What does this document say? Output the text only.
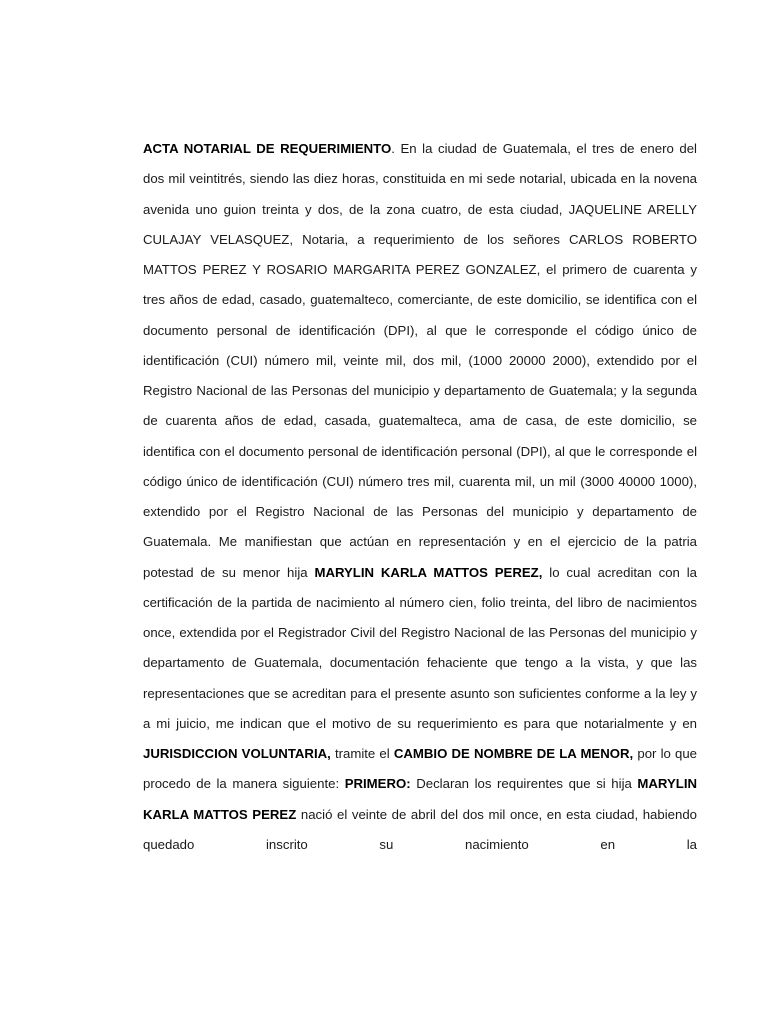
ACTA NOTARIAL DE REQUERIMIENTO. En la ciudad de Guatemala, el tres de enero del dos mil veintitrés, siendo las diez horas, constituida en mi sede notarial, ubicada en la novena avenida uno guion treinta y dos, de la zona cuatro, de esta ciudad, JAQUELINE ARELLY CULAJAY VELASQUEZ, Notaria, a requerimiento de los señores CARLOS ROBERTO MATTOS PEREZ Y ROSARIO MARGARITA PEREZ GONZALEZ, el primero de cuarenta y tres años de edad, casado, guatemalteco, comerciante, de este domicilio, se identifica con el documento personal de identificación (DPI), al que le corresponde el código único de identificación (CUI) número mil, veinte mil, dos mil, (1000 20000 2000), extendido por el Registro Nacional de las Personas del municipio y departamento de Guatemala; y la segunda de cuarenta años de edad, casada, guatemalteca, ama de casa, de este domicilio, se identifica con el documento personal de identificación personal (DPI), al que le corresponde el código único de identificación (CUI) número tres mil, cuarenta mil, un mil (3000 40000 1000), extendido por el Registro Nacional de las Personas del municipio y departamento de Guatemala. Me manifiestan que actúan en representación y en el ejercicio de la patria potestad de su menor hija MARYLIN KARLA MATTOS PEREZ, lo cual acreditan con la certificación de la partida de nacimiento al número cien, folio treinta, del libro de nacimientos once, extendida por el Registrador Civil del Registro Nacional de las Personas del municipio y departamento de Guatemala, documentación fehaciente que tengo a la vista, y que las representaciones que se acreditan para el presente asunto son suficientes conforme a la ley y a mi juicio, me indican que el motivo de su requerimiento es para que notarialmente y en JURISDICCION VOLUNTARIA, tramite el CAMBIO DE NOMBRE DE LA MENOR, por lo que procedo de la manera siguiente: PRIMERO: Declaran los requirentes que si hija MARYLIN KARLA MATTOS PEREZ nació el veinte de abril del dos mil once, en esta ciudad, habiendo quedado inscrito su nacimiento en la
